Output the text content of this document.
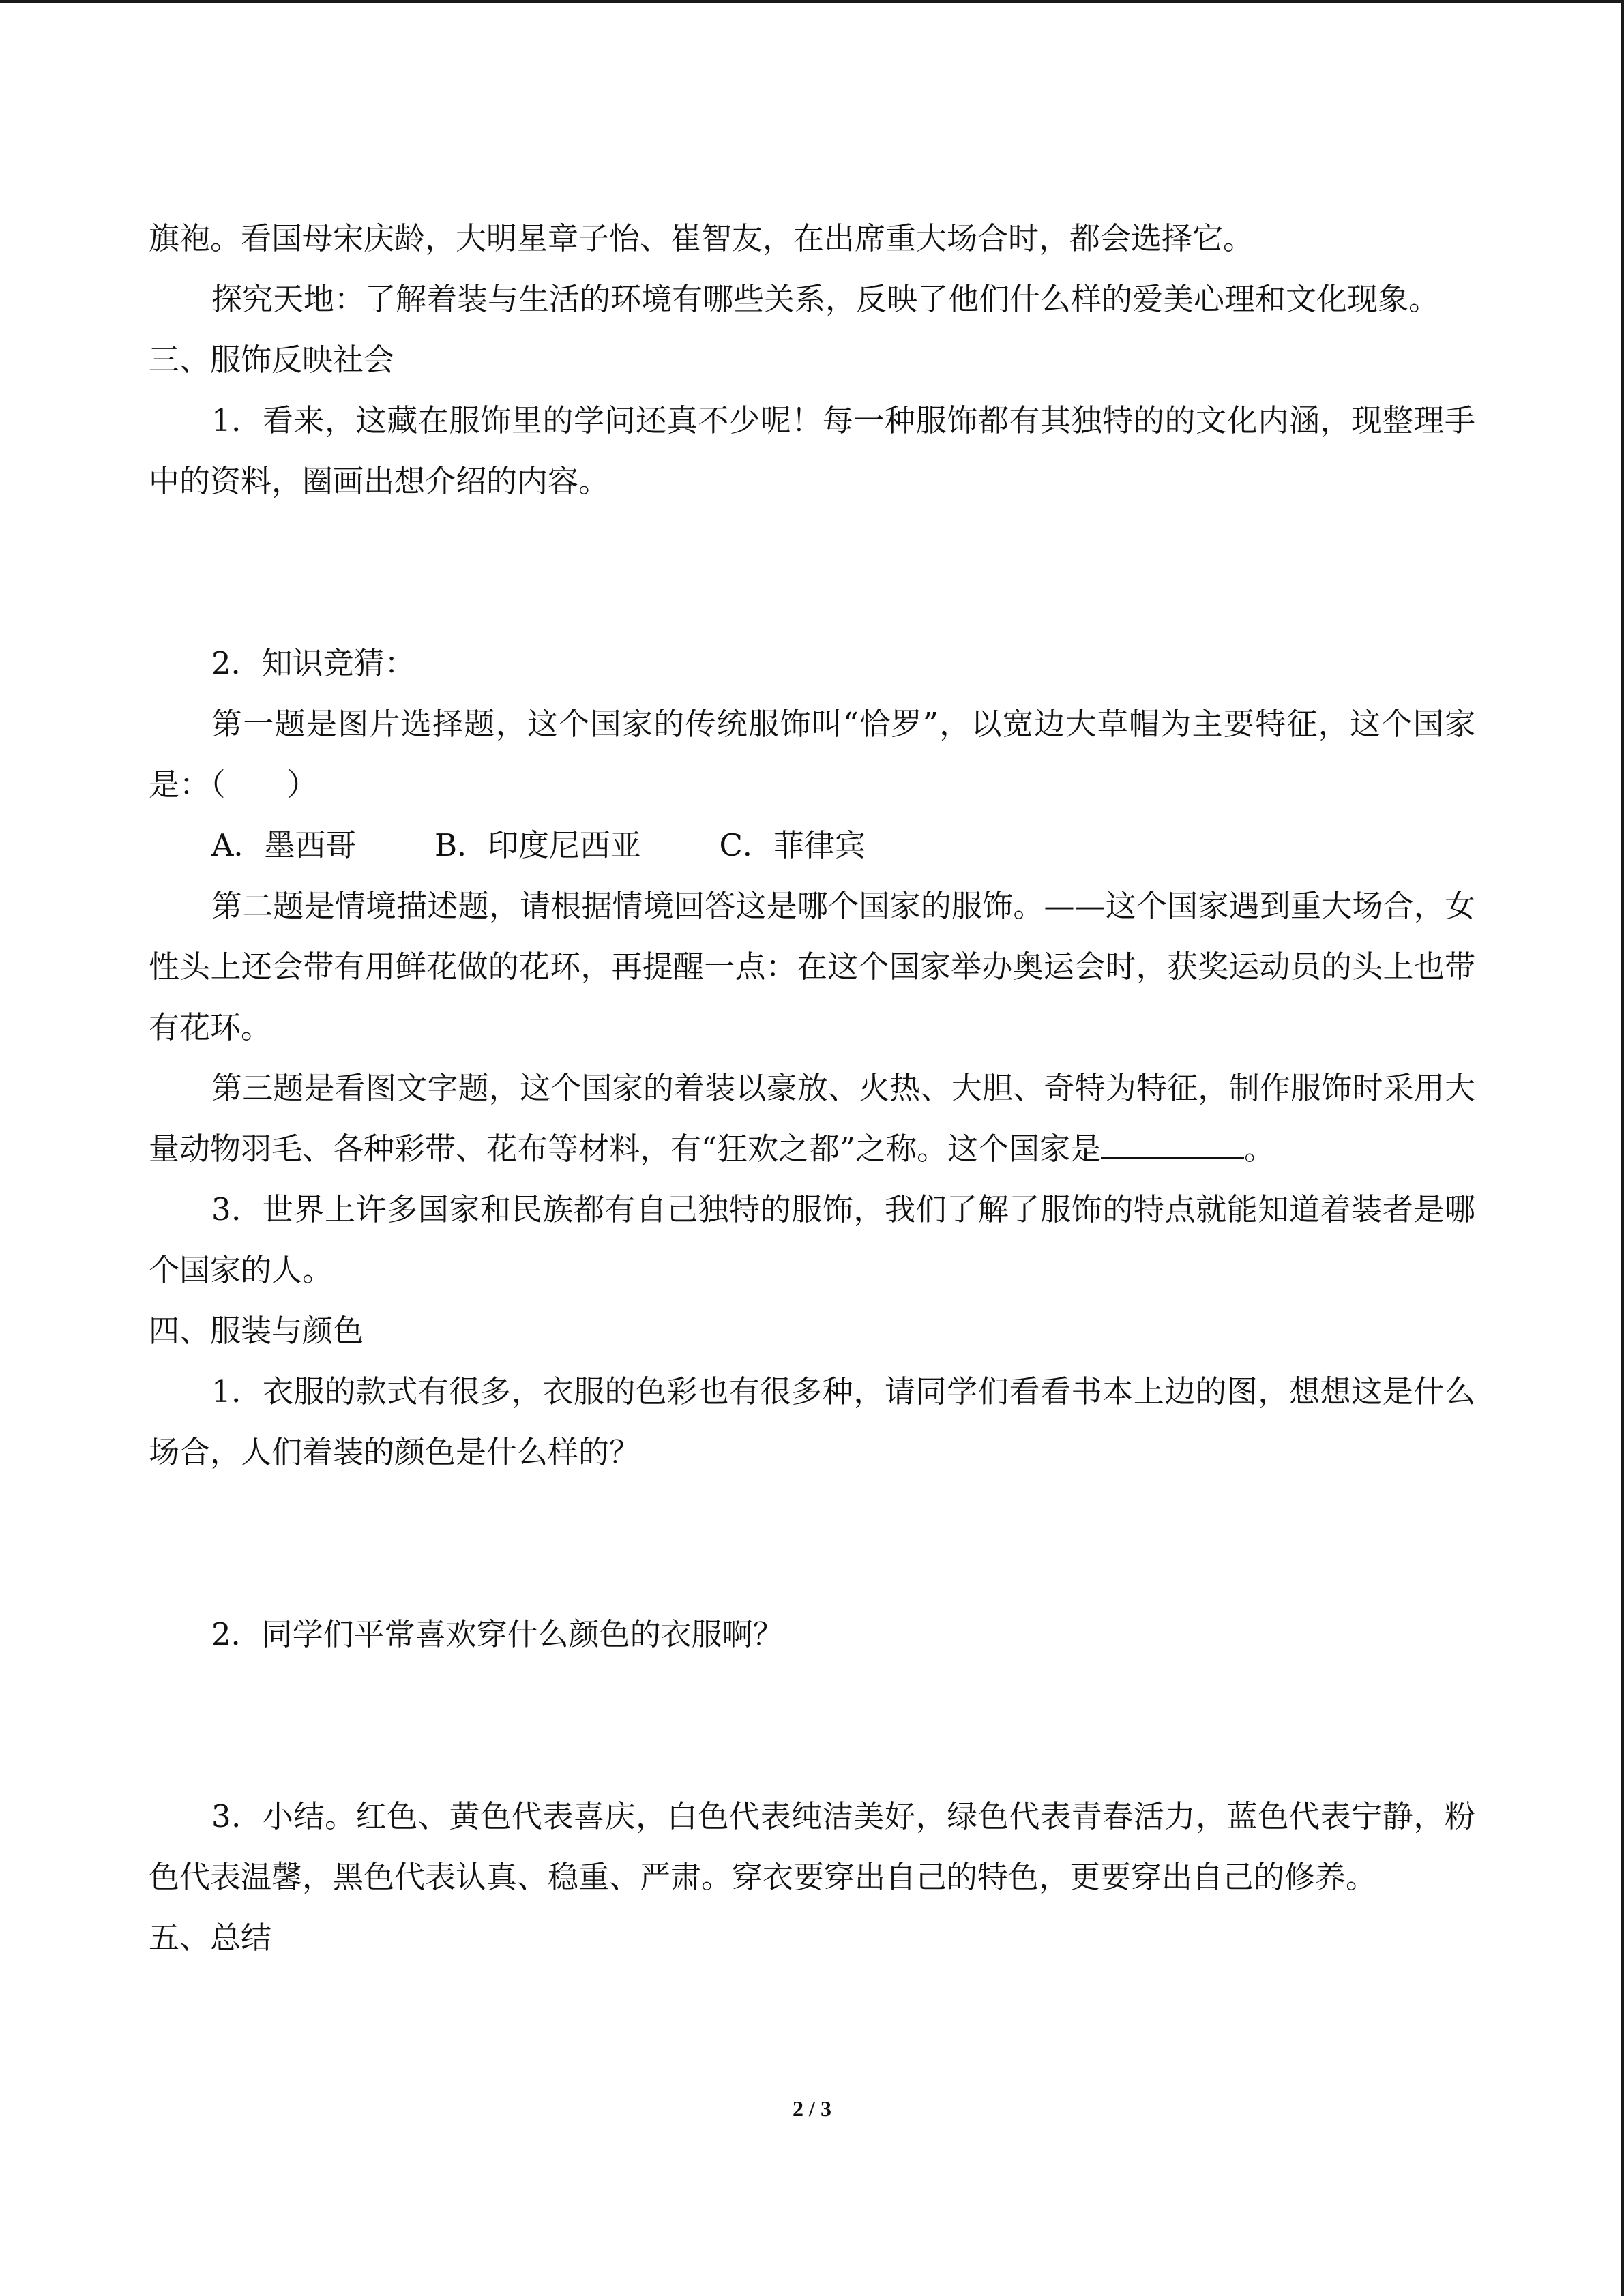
旗袍。看国母宋庆龄，大明星章子怡、崔智友，在出席重大场合时，都会选择它。

探究天地：了解着装与生活的环境有哪些关系，反映了他们什么样的爱美心理和文化现象。

三、服饰反映社会

1．看来，这藏在服饰里的学问还真不少呢！每一种服饰都有其独特的的文化内涵，现整理手中的资料，圈画出想介绍的内容。

2．知识竞猜：

第一题是图片选择题，这个国家的传统服饰叫“恰罗”，以宽边大草帽为主要特征，这个国家是：（　　）

A．墨西哥	B．印度尼西亚	C．菲律宾

第二题是情境描述题，请根据情境回答这是哪个国家的服饰。——这个国家遇到重大场合，女性头上还会带有用鲜花做的花环，再提醒一点：在这个国家举办奥运会时，获奖运动员的头上也带有花环。

第三题是看图文字题，这个国家的着装以豪放、火热、大胆、奇特为特征，制作服饰时采用大量动物羽毛、各种彩带、花布等材料，有“狂欢之都”之称。这个国家是	。

3．世界上许多国家和民族都有自己独特的服饰，我们了解了服饰的特点就能知道着装者是哪个国家的人。

四、服装与颜色

1．衣服的款式有很多，衣服的色彩也有很多种，请同学们看看书本上边的图，想想这是什么场合，人们着装的颜色是什么样的？

2．同学们平常喜欢穿什么颜色的衣服啊？

3．小结。红色、黄色代表喜庆，白色代表纯洁美好，绿色代表青春活力，蓝色代表宁静，粉色代表温馨，黑色代表认真、稳重、严肃。穿衣要穿出自己的特色，更要穿出自己的修养。

五、总结

2 / 3
